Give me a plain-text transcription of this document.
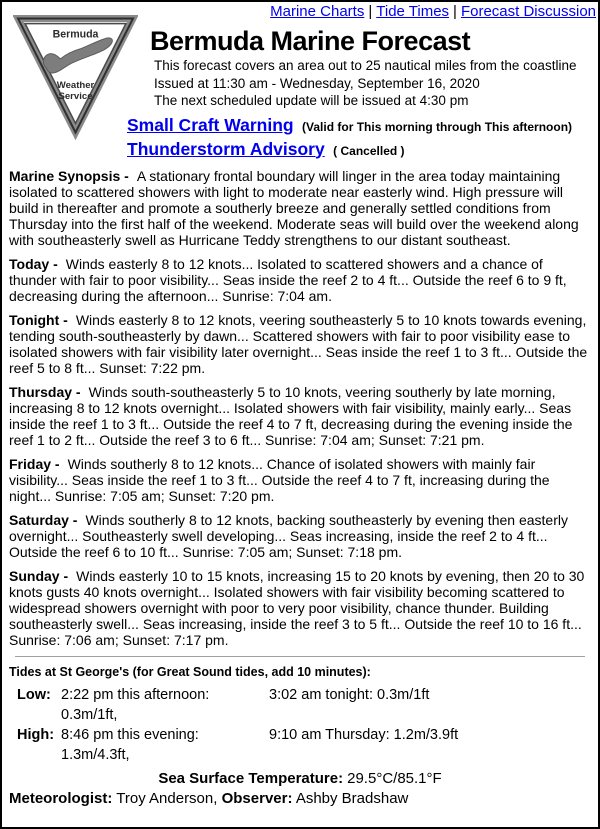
Marine Charts | Tide Times | Forecast Discussion
Bermuda
Weather
Service
Bermuda Marine Forecast
This forecast covers an area out to 25 nautical miles from the coastline
Issued at 11:30 am - Wednesday, September 16, 2020
The next scheduled update will be issued at 4:30 pm
Small Craft Warning (Valid for This morning through This afternoon)
Thunderstorm Advisory ( Cancelled )

Marine Synopsis - A stationary frontal boundary will linger in the area today maintaining isolated to scattered showers with light to moderate near easterly wind. High pressure will build in thereafter and promote a southerly breeze and generally settled conditions from Thursday into the first half of the weekend. Moderate seas will build over the weekend along with southeasterly swell as Hurricane Teddy strengthens to our distant southeast.

Today - Winds easterly 8 to 12 knots... Isolated to scattered showers and a chance of thunder with fair to poor visibility... Seas inside the reef 2 to 4 ft... Outside the reef 6 to 9 ft, decreasing during the afternoon... Sunrise: 7:04 am.

Tonight - Winds easterly 8 to 12 knots, veering southeasterly 5 to 10 knots towards evening, tending south-southeasterly by dawn... Scattered showers with fair to poor visibility ease to isolated showers with fair visibility later overnight... Seas inside the reef 1 to 3 ft... Outside the reef 5 to 8 ft... Sunset: 7:22 pm.

Thursday - Winds south-southeasterly 5 to 10 knots, veering southerly by late morning, increasing 8 to 12 knots overnight... Isolated showers with fair visibility, mainly early... Seas inside the reef 1 to 3 ft... Outside the reef 4 to 7 ft, decreasing during the evening inside the reef 1 to 2 ft... Outside the reef 3 to 6 ft... Sunrise: 7:04 am; Sunset: 7:21 pm.

Friday - Winds southerly 8 to 12 knots... Chance of isolated showers with mainly fair visibility... Seas inside the reef 1 to 3 ft... Outside the reef 4 to 7 ft, increasing during the night... Sunrise: 7:05 am; Sunset: 7:20 pm.

Saturday - Winds southerly 8 to 12 knots, backing southeasterly by evening then easterly overnight... Southeasterly swell developing... Seas increasing, inside the reef 2 to 4 ft... Outside the reef 6 to 10 ft... Sunrise: 7:05 am; Sunset: 7:18 pm.

Sunday - Winds easterly 10 to 15 knots, increasing 15 to 20 knots by evening, then 20 to 30 knots gusts 40 knots overnight... Isolated showers with fair visibility becoming scattered to widespread showers overnight with poor to very poor visibility, chance thunder. Building southeasterly swell... Seas increasing, inside the reef 3 to 5 ft... Outside the reef 10 to 16 ft... Sunrise: 7:06 am; Sunset: 7:17 pm.

Tides at St George's (for Great Sound tides, add 10 minutes):
Low: 2:22 pm this afternoon: 0.3m/1ft,
3:02 am tonight: 0.3m/1ft
High: 8:46 pm this evening: 1.3m/4.3ft,
9:10 am Thursday: 1.2m/3.9ft
Sea Surface Temperature: 29.5°C/85.1°F
Meteorologist: Troy Anderson, Observer: Ashby Bradshaw
